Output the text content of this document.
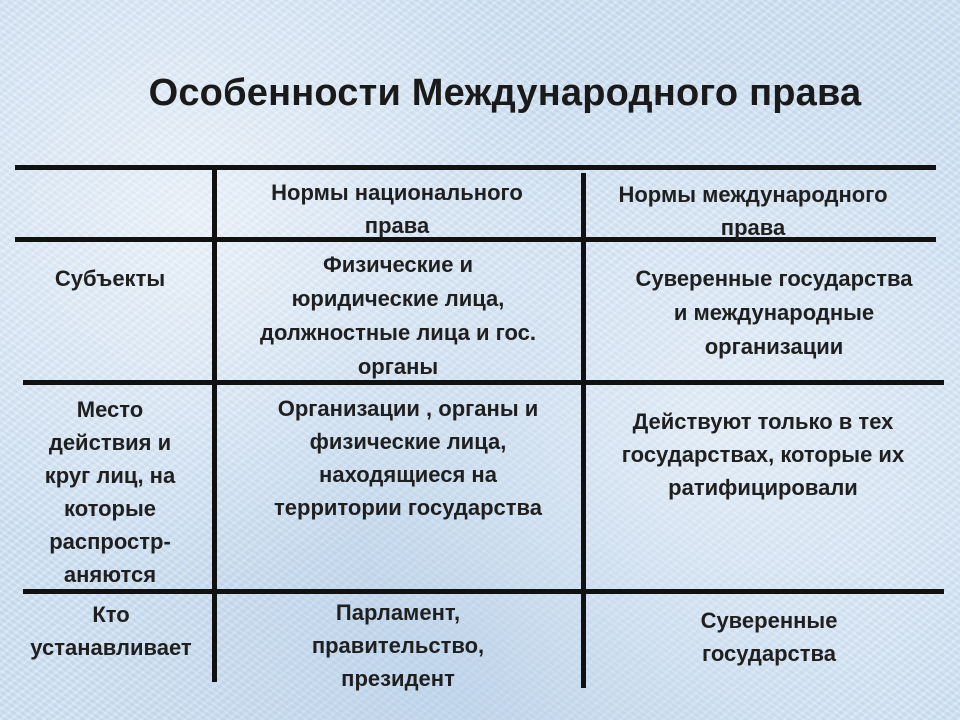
Особенности Международного права
Нормы национального
права
Нормы международного
права
Субъекты
Физические и
юридические лица,
должностные лица и гос.
органы
Суверенные государства
и международные
организации
Место
действия и
круг лиц, на
которые
распростр-
аняются
Организации , органы и
физические лица,
находящиеся на
территории государства
Действуют только в тех
государствах, которые их
ратифицировали
Кто
устанавливает
Парламент,
правительство,
президент
Суверенные
государства
